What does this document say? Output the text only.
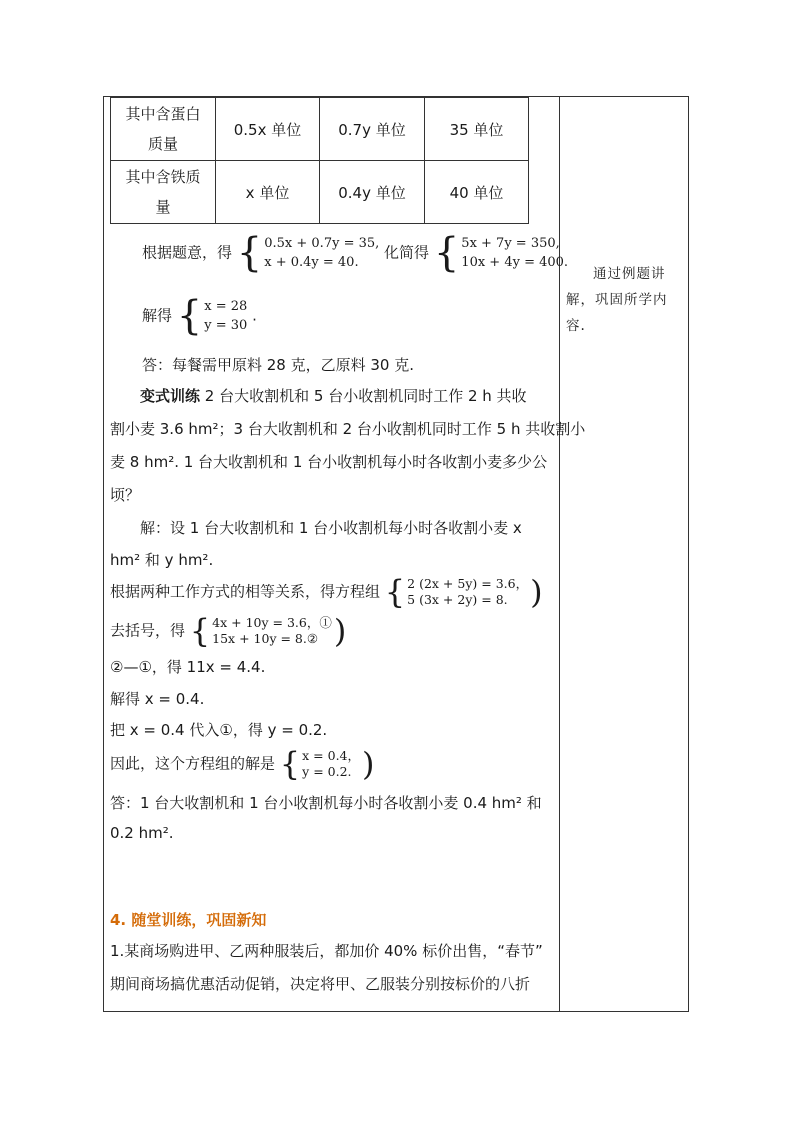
其中含蛋白
质量	0.5x 单位	0.7y 单位	35 单位

其中含铁质
量	x 单位	0.4y 单位	40 单位
根据题意，得 { 0.5x + 0.7y = 35,
x + 0.4y = 40.
化简得 { 5x + 7y = 350,
10x + 4y = 400.
解得 { x = 28
y = 30
.
答：每餐需甲原料 28 克，乙原料 30 克.
变式训练 2 台大收割机和 5 台小收割机同时工作 2 h 共收
割小麦 3.6 hm²；3 台大收割机和 2 台小收割机同时工作 5 h 共收割小
麦 8 hm². 1 台大收割机和 1 台小收割机每小时各收割小麦多少公
顷？
解：设 1 台大收割机和 1 台小收割机每小时各收割小麦 x
hm² 和 y hm².
根据两种工作方式的相等关系，得方程组 { 2 (2x + 5y) = 3.6，
5 (3x + 2y) = 8. )
去括号，得 { 4x + 10y = 3.6，①
15x + 10y = 8.② )
②—①，得 11x = 4.4.
解得 x = 0.4.
把 x = 0.4 代入①，得 y = 0.2.
因此，这个方程组的解是 { x = 0.4，
y = 0.2. )
答：1 台大收割机和 1 台小收割机每小时各收割小麦 0.4 hm² 和
0.2 hm².
4. 随堂训练，巩固新知
1.某商场购进甲、乙两种服装后，都加价 40% 标价出售，“春节”
期间商场搞优惠活动促销，决定将甲、乙服装分别按标价的八折
通过例题讲解，巩固所学内容.
